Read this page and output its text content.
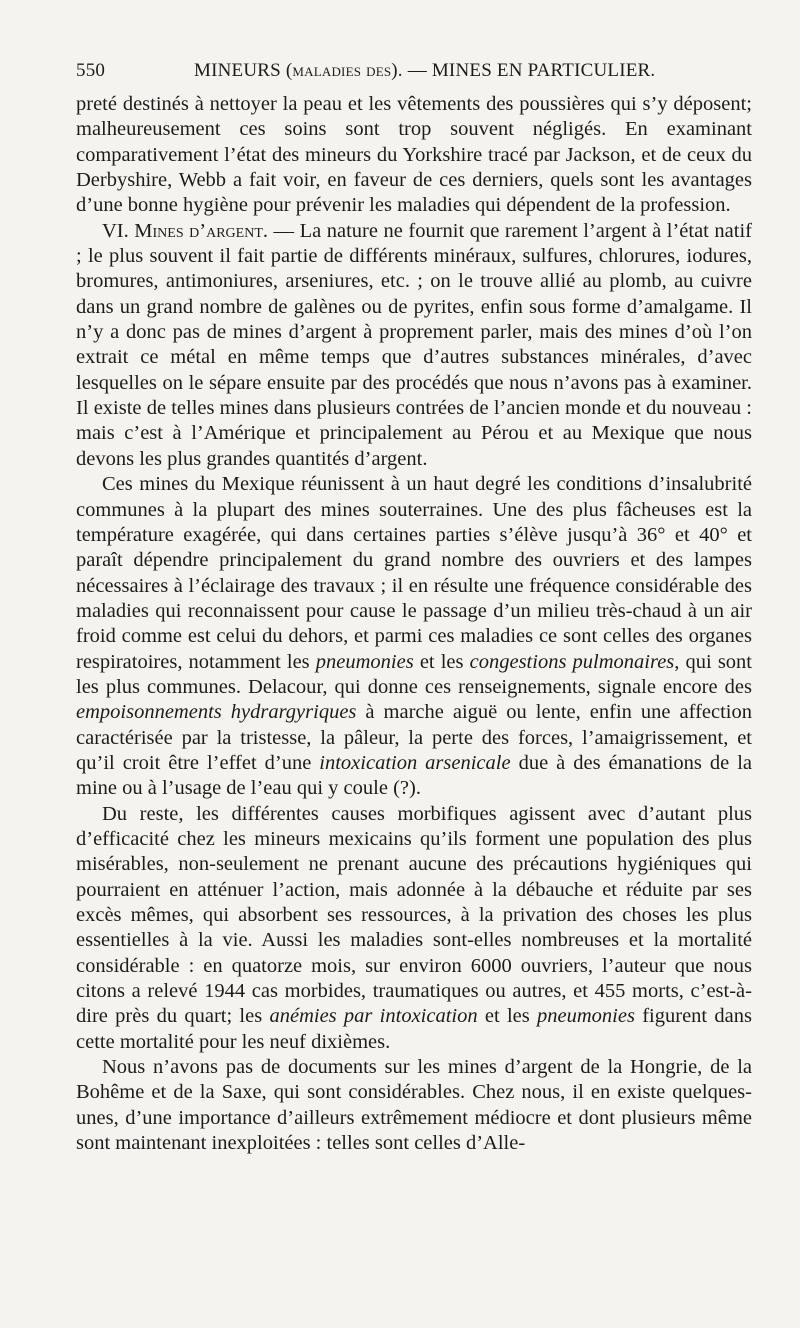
550	MINEURS (maladies des). — MINES EN PARTICULIER.

preté destinés à nettoyer la peau et les vêtements des poussières qui s’y déposent; malheureusement ces soins sont trop souvent négligés. En examinant comparativement l’état des mineurs du Yorkshire tracé par Jackson, et de ceux du Derbyshire, Webb a fait voir, en faveur de ces derniers, quels sont les avantages d’une bonne hygiène pour prévenir les maladies qui dépendent de la profession.

VI. Mines d’argent. — La nature ne fournit que rarement l’argent à l’état natif ; le plus souvent il fait partie de différents minéraux, sulfures, chlorures, iodures, bromures, antimoniures, arseniures, etc. ; on le trouve allié au plomb, au cuivre dans un grand nombre de galènes ou de pyrites, enfin sous forme d’amalgame. Il n’y a donc pas de mines d’argent à proprement parler, mais des mines d’où l’on extrait ce métal en même temps que d’autres substances minérales, d’avec lesquelles on le sépare ensuite par des procédés que nous n’avons pas à examiner. Il existe de telles mines dans plusieurs contrées de l’ancien monde et du nouveau : mais c’est à l’Amérique et principalement au Pérou et au Mexique que nous devons les plus grandes quantités d’argent.

Ces mines du Mexique réunissent à un haut degré les conditions d’insalubrité communes à la plupart des mines souterraines. Une des plus fâcheuses est la température exagérée, qui dans certaines parties s’élève jusqu’à 36° et 40° et paraît dépendre principalement du grand nombre des ouvriers et des lampes nécessaires à l’éclairage des travaux ; il en résulte une fréquence considérable des maladies qui reconnaissent pour cause le passage d’un milieu très-chaud à un air froid comme est celui du dehors, et parmi ces maladies ce sont celles des organes respiratoires, notamment les pneumonies et les congestions pulmonaires, qui sont les plus communes. Delacour, qui donne ces renseignements, signale encore des empoisonnements hydrargyriques à marche aiguë ou lente, enfin une affection caractérisée par la tristesse, la pâleur, la perte des forces, l’amaigrissement, et qu’il croit être l’effet d’une intoxication arsenicale due à des émanations de la mine ou à l’usage de l’eau qui y coule (?).

Du reste, les différentes causes morbifiques agissent avec d’autant plus d’efficacité chez les mineurs mexicains qu’ils forment une population des plus misérables, non-seulement ne prenant aucune des précautions hygiéniques qui pourraient en atténuer l’action, mais adonnée à la débauche et réduite par ses excès mêmes, qui absorbent ses ressources, à la privation des choses les plus essentielles à la vie. Aussi les maladies sont-elles nombreuses et la mortalité considérable : en quatorze mois, sur environ 6000 ouvriers, l’auteur que nous citons a relevé 1944 cas morbides, traumatiques ou autres, et 455 morts, c’est-à-dire près du quart; les anémies par intoxication et les pneumonies figurent dans cette mortalité pour les neuf dixièmes.

Nous n’avons pas de documents sur les mines d’argent de la Hongrie, de la Bohême et de la Saxe, qui sont considérables. Chez nous, il en existe quelques-unes, d’une importance d’ailleurs extrêmement médiocre et dont plusieurs même sont maintenant inexploitées : telles sont celles d’Alle-
